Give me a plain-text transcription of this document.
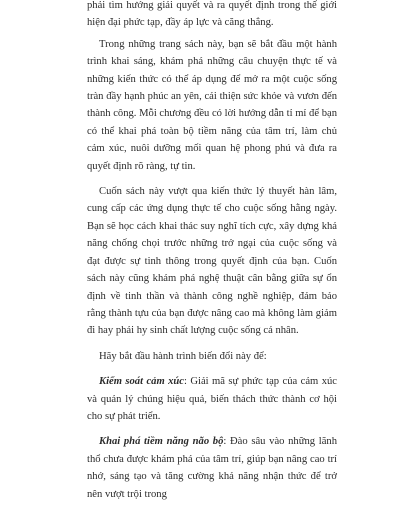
phải tìm hướng giải quyết và ra quyết định trong thế giới hiện đại phức tạp, đầy áp lực và căng thẳng.

Trong những trang sách này, bạn sẽ bắt đầu một hành trình khai sáng, khám phá những câu chuyện thực tế và những kiến thức có thể áp dụng để mở ra một cuộc sống tràn đầy hạnh phúc an yên, cải thiện sức khỏe và vươn đến thành công. Mỗi chương đều có lời hướng dẫn tỉ mỉ để bạn có thể khai phá toàn bộ tiềm năng của tâm trí, làm chủ cảm xúc, nuôi dưỡng mối quan hệ phong phú và đưa ra quyết định rõ ràng, tự tin.

Cuốn sách này vượt qua kiến thức lý thuyết hàn lâm, cung cấp các ứng dụng thực tế cho cuộc sống hằng ngày. Bạn sẽ học cách khai thác suy nghĩ tích cực, xây dựng khả năng chống chọi trước những trở ngại của cuộc sống và đạt được sự tinh thông trong quyết định của bạn. Cuốn sách này cũng khám phá nghệ thuật cân bằng giữa sự ổn định về tinh thần và thành công nghề nghiệp, đảm bảo rằng thành tựu của bạn được nâng cao mà không làm giảm đi hay phải hy sinh chất lượng cuộc sống cá nhân.

Hãy bắt đầu hành trình biến đổi này để:

Kiểm soát cảm xúc: Giải mã sự phức tạp của cảm xúc và quản lý chúng hiệu quả, biến thách thức thành cơ hội cho sự phát triển.

Khai phá tiềm năng não bộ: Đào sâu vào những lãnh thổ chưa được khám phá của tâm trí, giúp bạn nâng cao trí nhớ, sáng tạo và tăng cường khả năng nhận thức để trở nên vượt trội trong
